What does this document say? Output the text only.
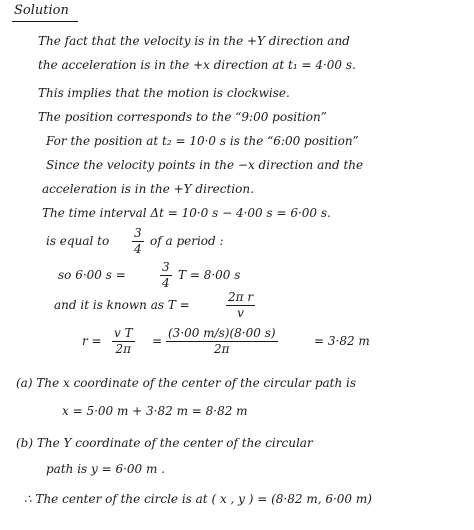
Solution
The fact that the velocity is in the +Y direction and
the acceleration is in the +x direction at t₁ = 4·00 s.
This implies that the motion is clockwise.
The position corresponds to the “9:00 position”
For the position at t₂ = 10·0 s is the “6:00 position”
Since the velocity points in the −x direction and the
acceleration is in the +Y direction.
The time interval Δt = 10·0 s − 4·00 s = 6·00 s.
is equal to
3
4
of a period :
so 6·00 s =
3
4
T = 8·00 s
and it is known as T =
2π r
v
r =
v T
2π
=
(3·00 m/s)(8·00 s)
2π
= 3·82 m
(a) The x coordinate of the center of the circular path is
x = 5·00 m + 3·82 m = 8·82 m
(b) The Y coordinate of the center of the circular
path is y = 6·00 m .
∴ The center of the circle is at ( x , y ) = (8·82 m, 6·00 m)
